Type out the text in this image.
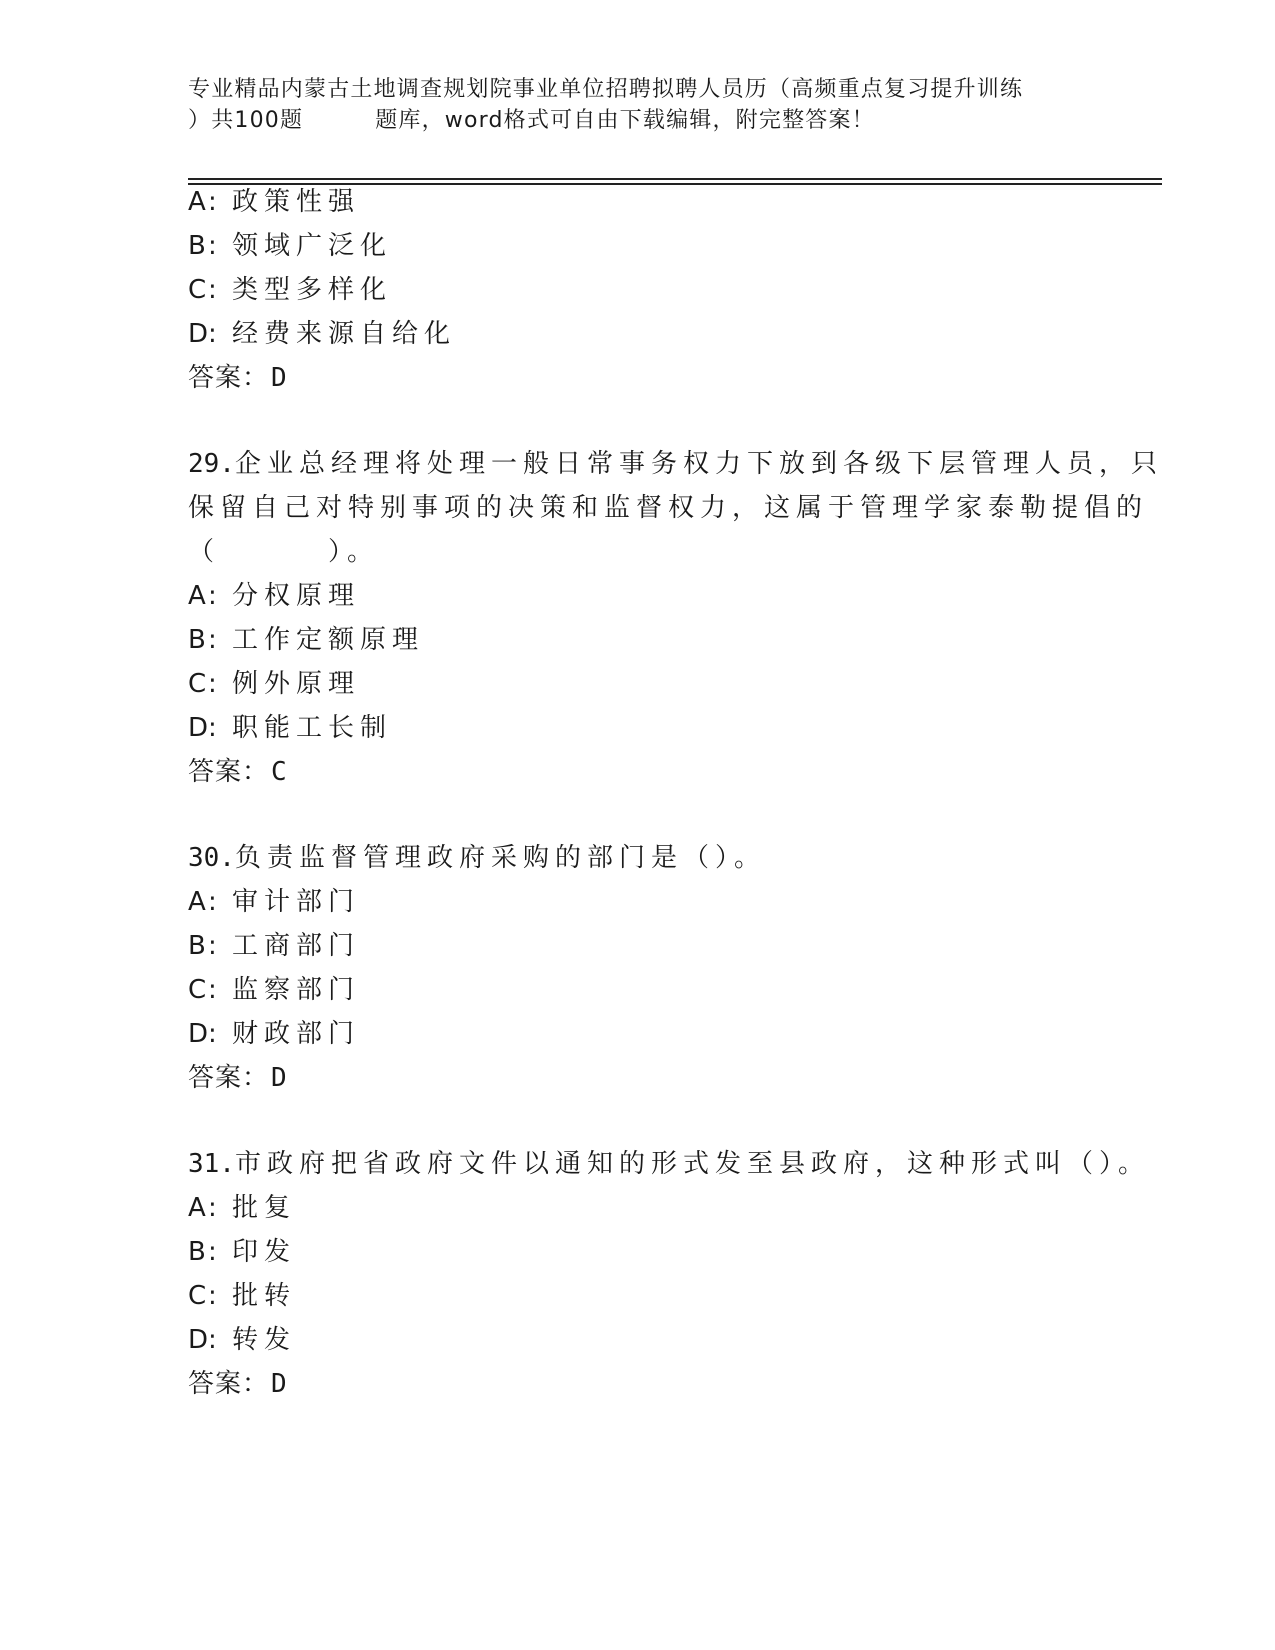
专业精品内蒙古土地调查规划院事业单位招聘拟聘人员历（高频重点复习提升训练
）共100题	题库，word格式可自由下载编辑，附完整答案！
A: 政策性强
B: 领域广泛化
C: 类型多样化
D: 经费来源自给化
答案：D
29.企业总经理将处理一般日常事务权力下放到各级下层管理人员，只
保留自己对特别事项的决策和监督权力，这属于管理学家泰勒提倡的
（	）。
A: 分权原理
B: 工作定额原理
C: 例外原理
D: 职能工长制
答案：C
30.负责监督管理政府采购的部门是（）。
A: 审计部门
B: 工商部门
C: 监察部门
D: 财政部门
答案：D
31.市政府把省政府文件以通知的形式发至县政府，这种形式叫（）。
A: 批复
B: 印发
C: 批转
D: 转发
答案：D
